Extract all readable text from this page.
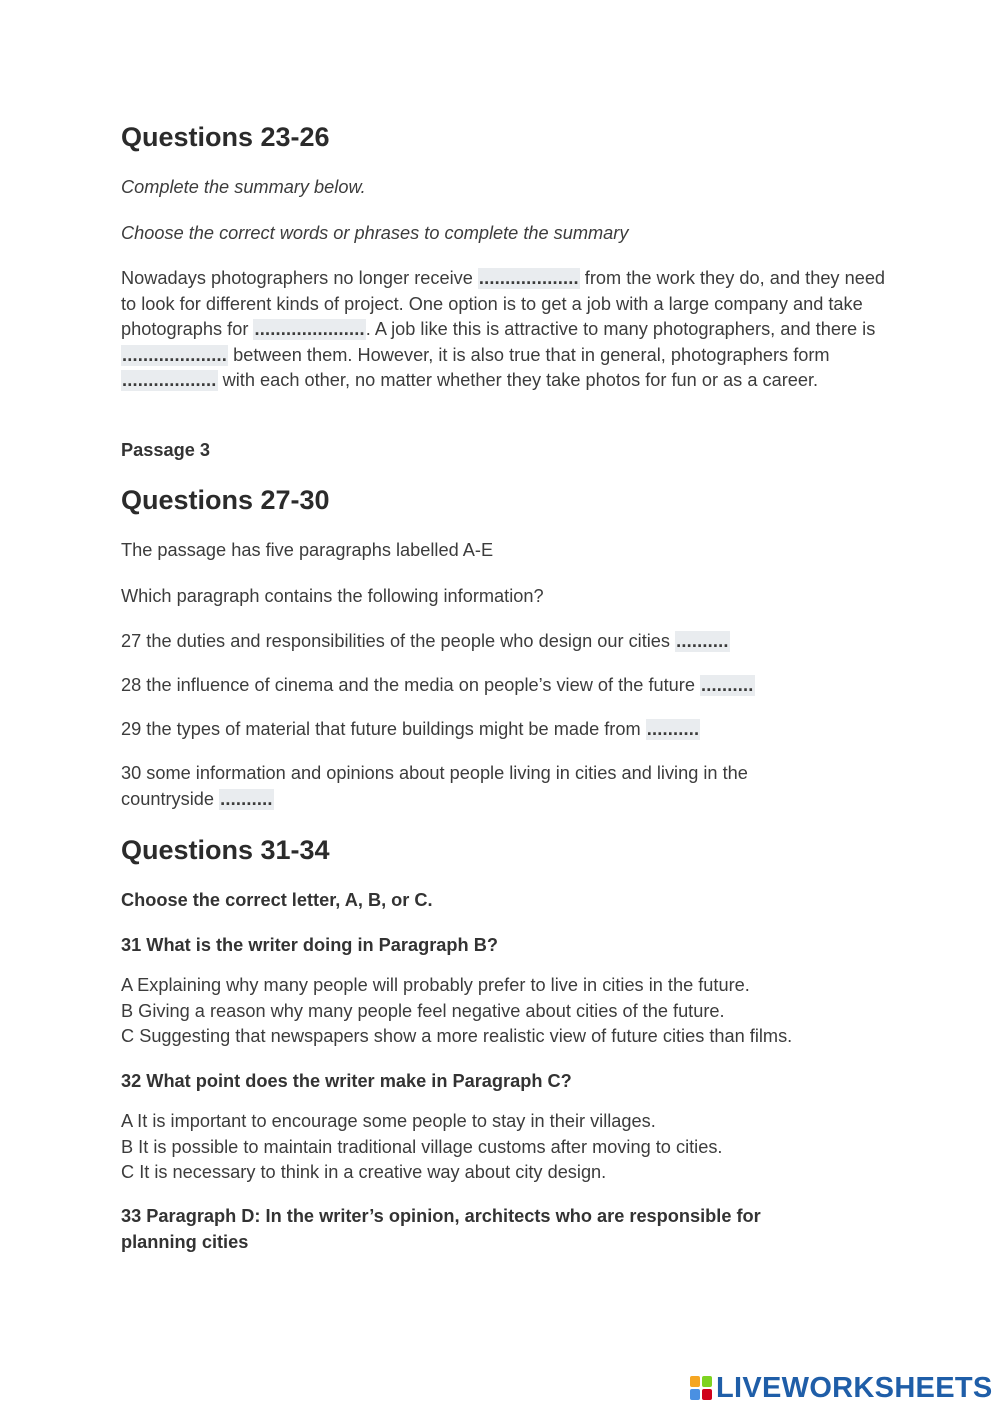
Questions 23-26

Complete the summary below.

Choose the correct words or phrases to complete the summary

Nowadays photographers no longer receive ................... from the work they do, and they need to look for different kinds of project. One option is to get a job with a large company and take photographs for ...................... A job like this is attractive to many photographers, and there is .................... between them. However, it is also true that in general, photographers form .................. with each other, no matter whether they take photos for fun or as a career.

Passage 3

Questions 27-30

The passage has five paragraphs labelled A-E

Which paragraph contains the following information?

27 the duties and responsibilities of the people who design our cities ..........

28 the influence of cinema and the media on people’s view of the future ..........

29 the types of material that future buildings might be made from ..........

30 some information and opinions about people living in cities and living in the countryside ..........

Questions 31-34

Choose the correct letter, A, B, or C.

31 What is the writer doing in Paragraph B?

A Explaining why many people will probably prefer to live in cities in the future.
B Giving a reason why many people feel negative about cities of the future.
C Suggesting that newspapers show a more realistic view of future cities than films.

32 What point does the writer make in Paragraph C?

A It is important to encourage some people to stay in their villages.
B It is possible to maintain traditional village customs after moving to cities.
C It is necessary to think in a creative way about city design.

33 Paragraph D: In the writer’s opinion, architects who are responsible for planning cities

LIVEWORKSHEETS
